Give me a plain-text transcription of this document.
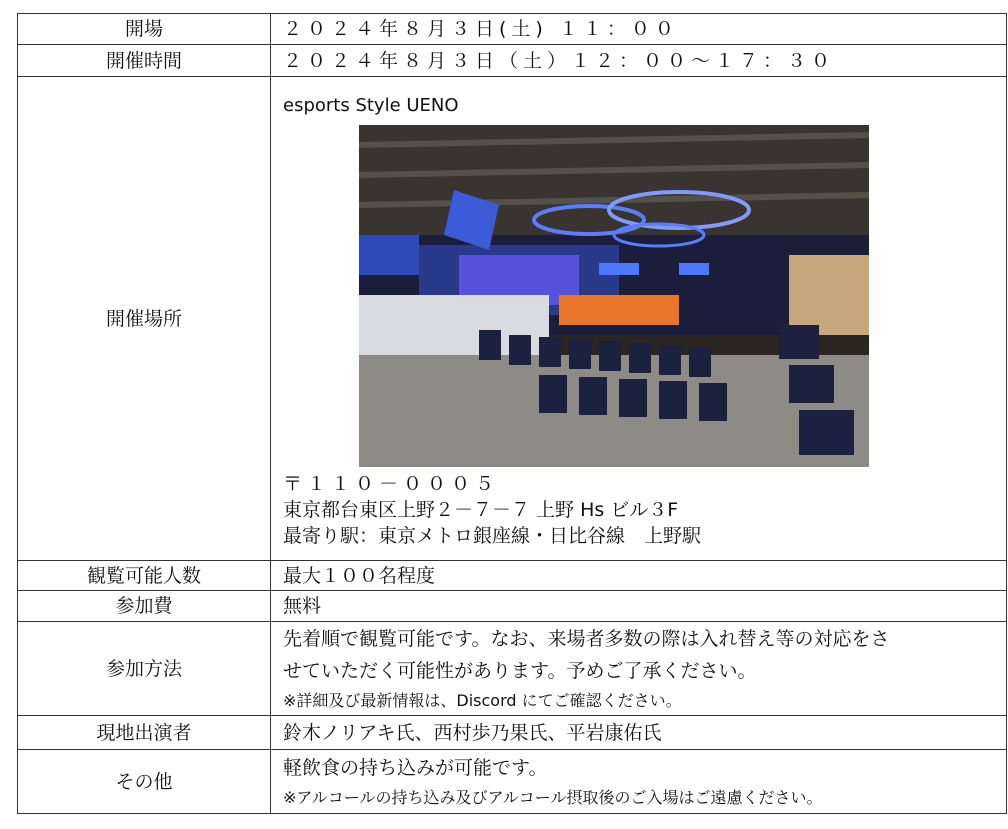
開場	２０２４年８月３日(土) １１：００
開催時間	２０２４年８月３日（土）１２：００～１７：３０
開催場所	esports Style UENO
〒１１０－０００５
東京都台東区上野２－７－７ 上野 Hs ビル３F
最寄り駅：東京メトロ銀座線・日比谷線　上野駅

観覧可能人数	最大１００名程度
参加費	無料
参加方法	先着順で観覧可能です。なお、来場者多数の際は入れ替え等の対応をさ
せていただく可能性があります。予めご了承ください。
※詳細及び最新情報は、Discord にてご確認ください。

現地出演者	鈴木ノリアキ氏、西村歩乃果氏、平岩康佑氏
その他	軽飲食の持ち込みが可能です。
※アルコールの持ち込み及びアルコール摂取後のご入場はご遠慮ください。
